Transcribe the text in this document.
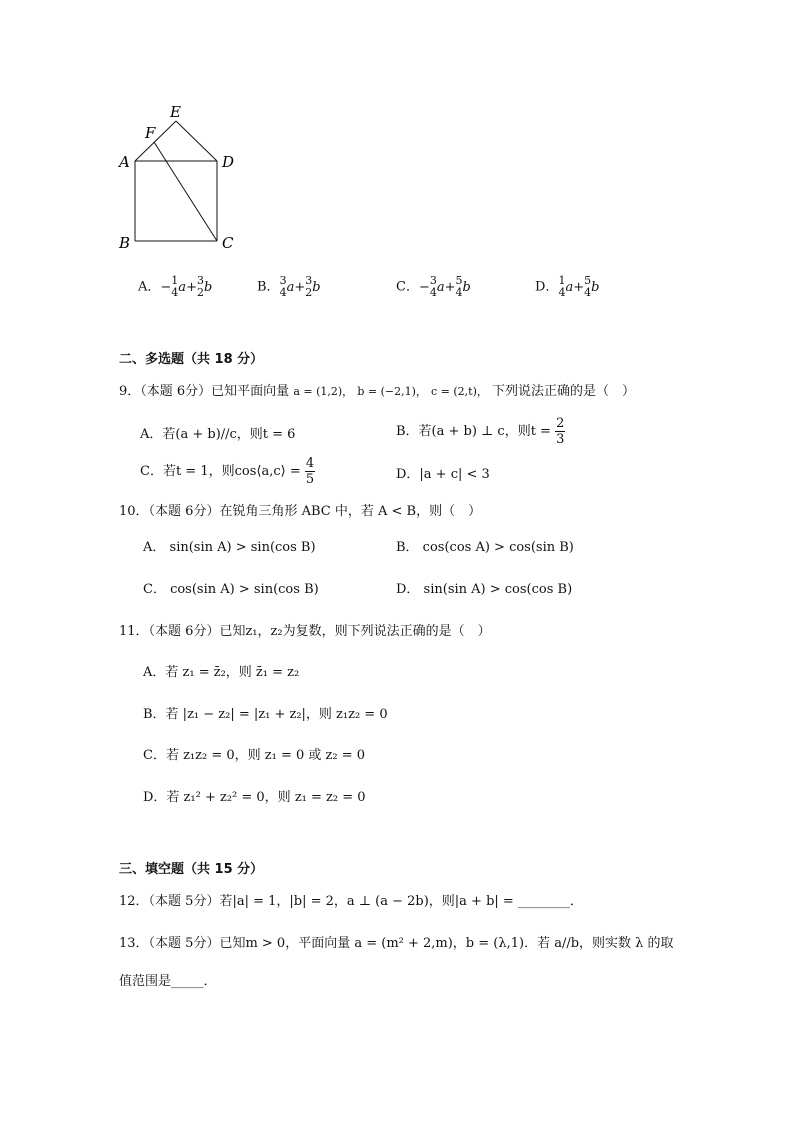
E
F
A	D
B	C
A．−1
4a+3
2b	B．3
4a+3
2b	C．−3
4a+5
4b	D．1
4a+5
4b
二、多选题（共 18 分）
9．（本题 6分）已知平面向量 a = (1,2)， b = (−2,1)， c = (2,t)， 下列说法正确的是（　）
A．若(a + b)//c，则t = 6	B．若(a + b) ⊥ c，则$t = \frac{2}{3}$
C．若t = 1，则cos⟨a,c⟩ = $\frac{4}{5}$	D．|a + c| < 3
10．（本题 6分）在锐角三角形 ABC 中，若 A < B，则（　）
A． sin(sin A) > sin(cos B)	B． cos(cos A) > cos(sin B)
C． cos(sin A) > sin(cos B)	D． sin(sin A) > cos(cos B)
11．（本题 6分）已知z₁，z₂为复数，则下列说法正确的是（　）
A．若 z₁ = z̄₂，则 z̄₁ = z₂
B．若 |z₁ − z₂| = |z₁ + z₂|，则 z₁z₂ = 0
C．若 z₁z₂ = 0，则 z₁ = 0 或 z₂ = 0
D．若 z₁² + z₂² = 0，则 z₁ = z₂ = 0
三、填空题（共 15 分）
12．（本题 5分）若|a| = 1，|b| = 2，a ⊥ (a − 2b)，则|a + b| = ________．
13．（本题 5分）已知m > 0，平面向量 a = (m² + 2,m)，b = (λ,1)．若 a//b，则实数 λ 的取
值范围是_____．
